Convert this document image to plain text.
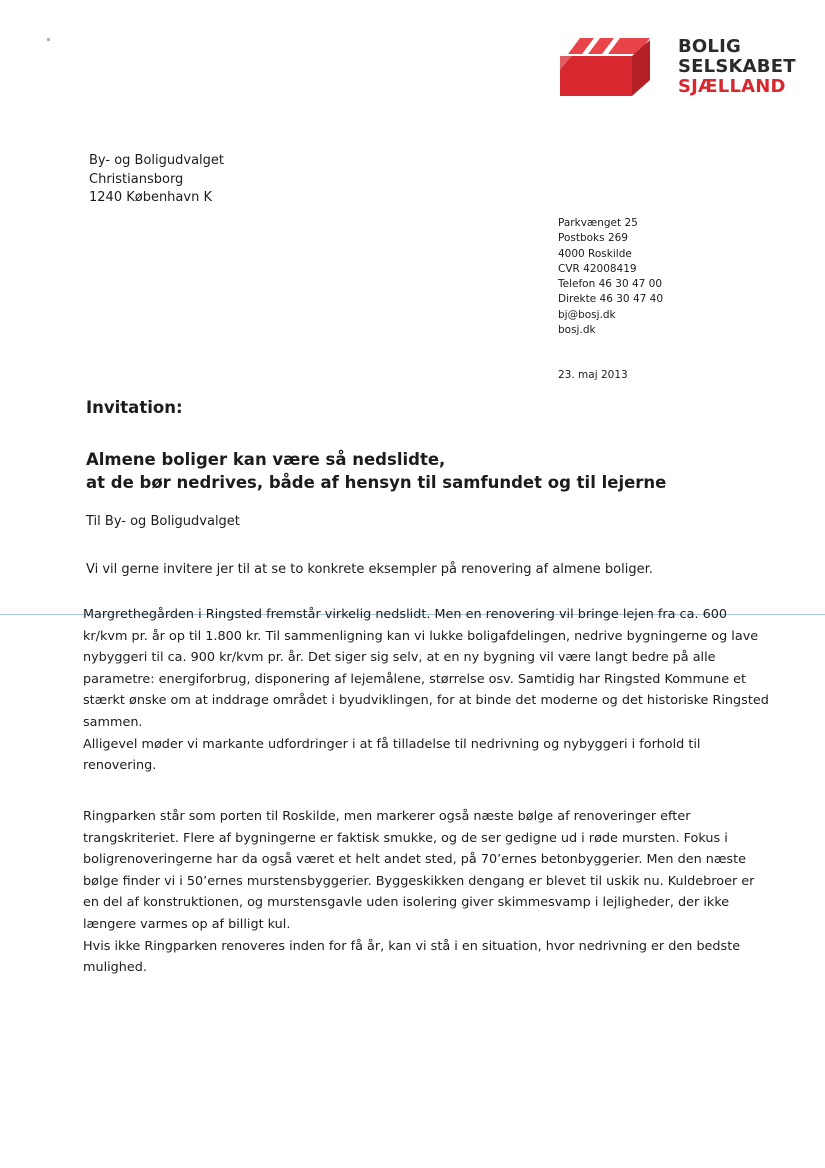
BOLIG
SELSKABET
SJÆLLAND
By- og Boligudvalget
Christiansborg
1240 København K
Parkvænget 25
Postboks 269
4000 Roskilde
CVR 42008419
Telefon 46 30 47 00
Direkte 46 30 47 40
bj@bosj.dk
bosj.dk
23. maj 2013
Invitation:
Almene boliger kan være så nedslidte,
at de bør nedrives, både af hensyn til samfundet og til lejerne
Til By- og Boligudvalget
Vi vil gerne invitere jer til at se to konkrete eksempler på renovering af almene boliger.
Margrethegården i Ringsted fremstår virkelig nedslidt. Men en renovering vil bringe lejen fra ca. 600
kr/kvm pr. år op til 1.800 kr. Til sammenligning kan vi lukke boligafdelingen, nedrive bygningerne og lave
nybyggeri til ca. 900 kr/kvm pr. år. Det siger sig selv, at en ny bygning vil være langt bedre på alle
parametre: energiforbrug, disponering af lejemålene, størrelse osv. Samtidig har Ringsted Kommune et
stærkt ønske om at inddrage området i byudviklingen, for at binde det moderne og det historiske Ringsted
sammen.
Alligevel møder vi markante udfordringer i at få tilladelse til nedrivning og nybyggeri i forhold til
renovering.
Ringparken står som porten til Roskilde, men markerer også næste bølge af renoveringer efter
trangskriteriet. Flere af bygningerne er faktisk smukke, og de ser gedigne ud i røde mursten. Fokus i
boligrenoveringerne har da også været et helt andet sted, på 70’ernes betonbyggerier. Men den næste
bølge finder vi i 50’ernes murstensbyggerier. Byggeskikken dengang er blevet til uskik nu. Kuldebroer er
en del af konstruktionen, og murstensgavle uden isolering giver skimmesvamp i lejligheder, der ikke
længere varmes op af billigt kul.
Hvis ikke Ringparken renoveres inden for få år, kan vi stå i en situation, hvor nedrivning er den bedste
mulighed.
